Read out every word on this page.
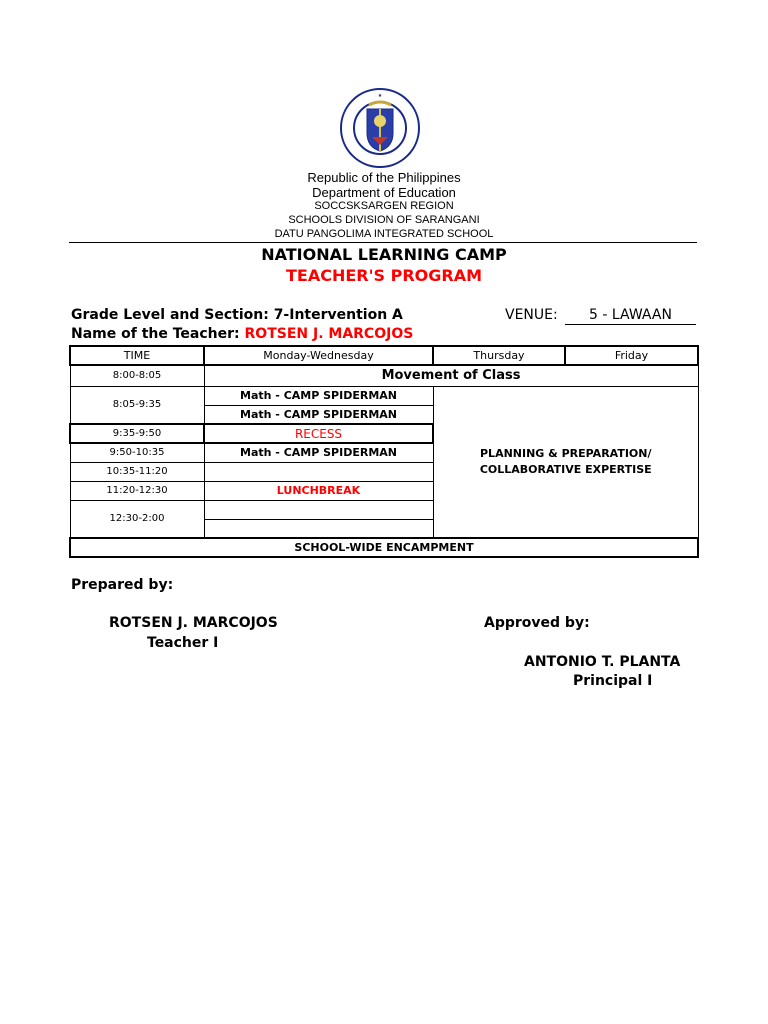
★
Republic of the Philippines
Department of Education
SOCCSKSARGEN REGION
SCHOOLS DIVISION OF SARANGANI
DATU PANGOLIMA INTEGRATED SCHOOL
NATIONAL LEARNING CAMP
TEACHER'S PROGRAM
Grade Level and Section: 7-Intervention A	VENUE:	5 - LAWAAN
Name of the Teacher: ROTSEN J. MARCOJOS
TIME	Monday-Wednesday	Thursday	Friday
8:00-8:05	Movement of Class		
8:05-9:35	Math - CAMP SPIDERMAN	PLANNING & PREPARATION/
COLLABORATIVE EXPERTISE	

	Math - CAMP SPIDERMAN		
9:35-9:50	RECESS		
9:50-10:35	Math - CAMP SPIDERMAN		
10:35-11:20			
11:20-12:30	LUNCHBREAK		
12:30-2:00			

SCHOOL-WIDE ENCAMPMENT			
Prepared by:
ROTSEN J. MARCOJOS
Teacher I
Approved by:
ANTONIO T. PLANTA
Principal I
